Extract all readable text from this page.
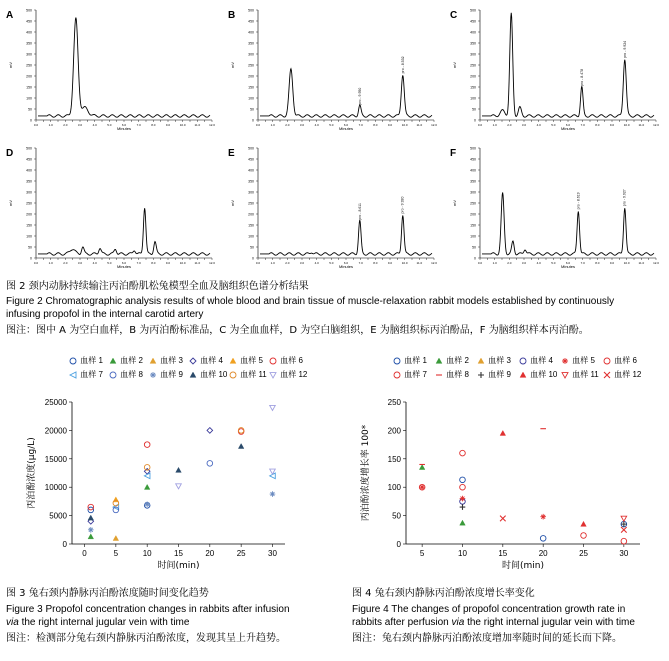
A
0
50
100
150
200
250
300
350
400
450
500
0.0	1.0	2.0	3.0	4.0	5.0	6.0	7.0	8.0	9.0	10.0	11.0	12.0
mV
Minutes
B
0
50
100
150
200
250
300
350
400
450
500
0.0	1.0	2.0	3.0	4.0	5.0	6.0	7.0	8.0	9.0	10.0	11.0	12.0
mV
Minutes
pro - 8.532
pro - 9.950
C
0
50
100
150
200
250
300
350
400
450
500
0.0	1.0	2.0	3.0	4.0	5.0	6.0	7.0	8.0	9.0	10.0	11.0	12.0
mV
Minutes
pro - 8.478
pro - 9.924
D
0
50
100
150
200
250
300
350
400
450
500
0.0	1.0	2.0	3.0	4.0	5.0	6.0	7.0	8.0	9.0	10.0	11.0	12.0
mV
Minutes
E
0
50
100
150
200
250
300
350
400
450
500
0.0	1.0	2.0	3.0	4.0	5.0	6.0	7.0	8.0	9.0	10.0	11.0	12.0
mV
Minutes
pro - 8.611	pro - 9.920
F
0
50
100
150
200
250
300
350
400
450
500
0.0	1.0	2.0	3.0	4.0	5.0	6.0	7.0	8.0	9.0	10.0	11.0	12.0
mV
Minutes
pro - 8.619	pro - 9.927
图 2 颈内动脉持续输注丙泊酚肌松兔模型全血及脑组织色谱分析结果
Figure 2 Chromatographic analysis results of whole blood and brain tissue of muscle-relaxation rabbit models established by continuously
infusing propofol in the internal carotid artery
图注：图中 A 为空白血样，B 为丙泊酚标准品，C 为全血血样，D 为空白脑组织，E 为脑组织标丙泊酚品，F 为脑组织样本丙泊酚。
血样 1	血样 2	血样 3	血样 4	血样 5	血样 6
血样 7	血样 8	血样 9	血样 10	血样 11	血样 12
0
5000
10000
15000
20000
25000
0	5	10	15	20	25	30
时间(min)
丙泊酚浓度(μg/L)
图 3 兔右颈内静脉丙泊酚浓度随时间变化趋势
Figure 3 Propofol concentration changes in rabbits after infusion
via the right internal jugular vein with time
图注：检测部分兔右颈内静脉丙泊酚浓度，发现其呈上升趋势。
血样 1	血样 2	血样 3	血样 4	血样 5	血样 6
血样 7	血样 8	血样 9	血样 10	血样 11	血样 12
0
50
100
150
200
250
5	10	15	20	25	30
时间(min)
丙泊酚浓度增长率 100*
图 4 兔右颈内静脉丙泊酚浓度增长率变化
Figure 4 The changes of propofol concentration growth rate in
rabbits after perfusion via the right internal jugular vein with time
图注：兔右颈内静脉丙泊酚浓度增加率随时间的延长而下降。
